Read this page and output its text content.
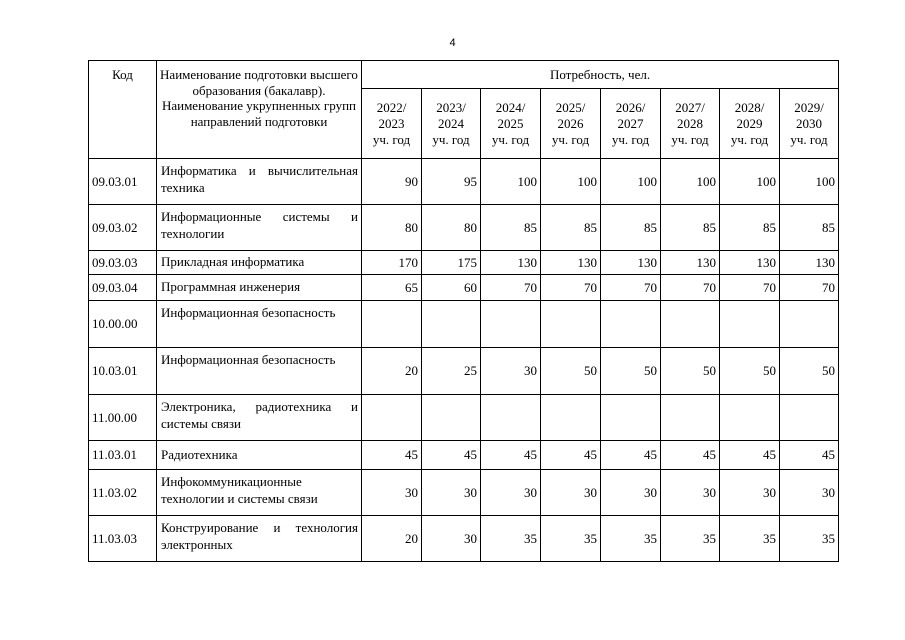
4
Код	Наименование подготовки высшего образования (бакалавр). Наименование укрупненных групп направлений подготовки	Потребность, чел.							
		2022/
2023
уч. год	2023/
2024
уч. год	2024/
2025
уч. год	2025/
2026
уч. год	2026/
2027
уч. год	2027/
2028
уч. год	2028/
2029
уч. год	2029/
2030
уч. год
09.03.01	Информатика и вычислительная техника	90	95	100	100	100	100	100	100
09.03.02	Информационные системы и технологии	80	80	85	85	85	85	85	85
09.03.03	Прикладная информатика	170	175	130	130	130	130	130	130
09.03.04	Программная инженерия	65	60	70	70	70	70	70	70
10.00.00	Информационная безопасность								
10.03.01	Информационная безопасность	20	25	30	50	50	50	50	50
11.00.00	Электроника, радиотехника и системы связи								
11.03.01	Радиотехника	45	45	45	45	45	45	45	45
11.03.02	Инфокоммуникационные технологии и системы связи	30	30	30	30	30	30	30	30
11.03.03	Конструирование и технология электронных	20	30	35	35	35	35	35	35
